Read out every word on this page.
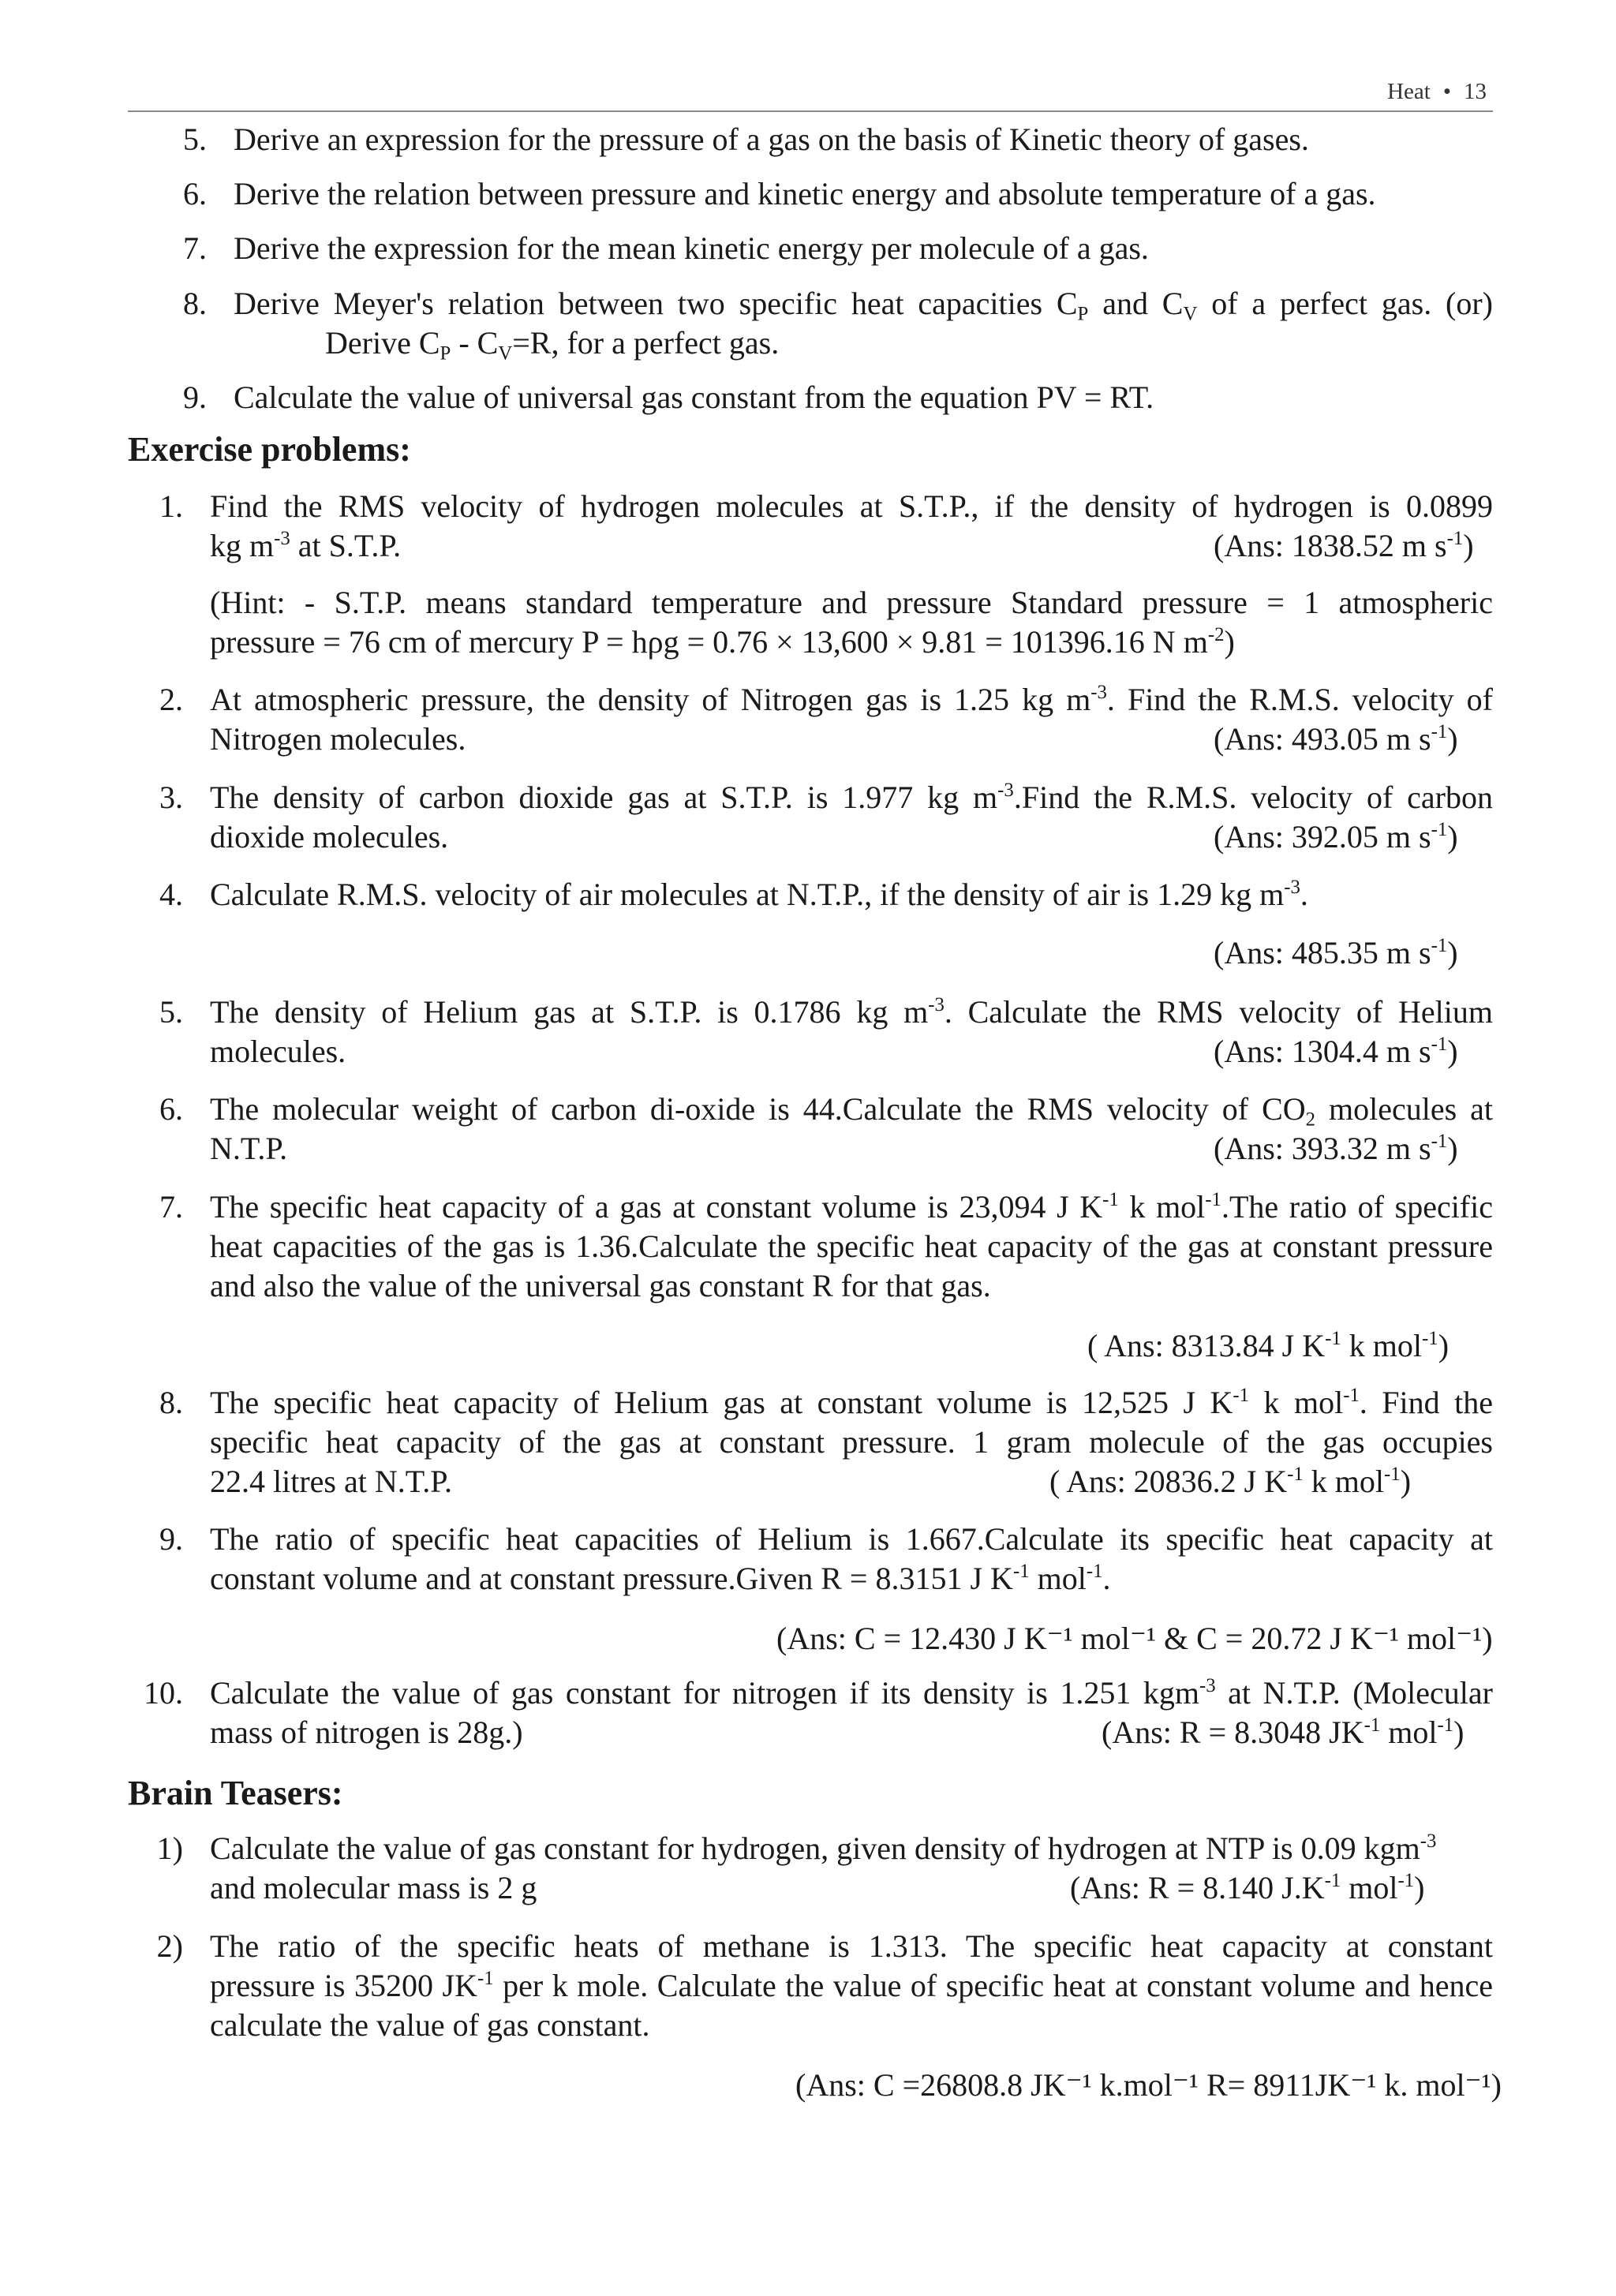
Heat • 13
5. Derive an expression for the pressure of a gas on the basis of Kinetic theory of gases.
6. Derive the relation between pressure and kinetic energy and absolute temperature of a gas.
7. Derive the expression for the mean kinetic energy per molecule of a gas.
8. Derive Meyer's relation between two specific heat capacities $C_P$ and $C_V$ of a perfect gas. (or)
Derive $C_P - C_V=R$, for a perfect gas.
9. Calculate the value of universal gas constant from the equation PV = RT.
Exercise problems:
1. Find the RMS velocity of hydrogen molecules at S.T.P., if the density of hydrogen is 0.0899
kg $m^{-3}$ at S.T.P.	(Ans: 1838.52 m $s^{-1}$)
(Hint: - S.T.P. means standard temperature and pressure Standard pressure = 1 atmospheric
pressure = 76 cm of mercury P = hρg = 0.76 × 13,600 × 9.81 = 101396.16 N $m^{-2}$)
2. At atmospheric pressure, the density of Nitrogen gas is 1.25 kg $m^{-3}$. Find the R.M.S. velocity of
Nitrogen molecules.	(Ans: 493.05 m $s^{-1}$)
3. The density of carbon dioxide gas at S.T.P. is 1.977 kg $m^{-3}.Find$ the R.M.S. velocity of carbon
dioxide molecules.	(Ans: 392.05 m $s^{-1}$)
4. Calculate R.M.S. velocity of air molecules at N.T.P., if the density of air is 1.29 kg $m^{-3}$.
(Ans: 485.35 m $s^{-1}$)
5. The density of Helium gas at S.T.P. is 0.1786 kg $m^{-3}$. Calculate the RMS velocity of Helium
molecules.	(Ans: 1304.4 m $s^{-1}$)
6. The molecular weight of carbon di-oxide is 44.Calculate the RMS velocity of $CO_2$ molecules at
N.T.P.	(Ans: 393.32 m $s^{-1}$)
7. The specific heat capacity of a gas at constant volume is 23,094 J $K^{-1}$ k mol$^{-1}$.The ratio of specific
heat capacities of the gas is 1.36.Calculate the specific heat capacity of the gas at constant pressure
and also the value of the universal gas constant R for that gas.
( Ans: 8313.84 J $K^{-1}$ k mol$^{-1}$)
8. The specific heat capacity of Helium gas at constant volume is 12,525 J $K^{-1}$ k mol$^{-1}$. Find the
specific heat capacity of the gas at constant pressure. 1 gram molecule of the gas occupies
22.4 litres at N.T.P.	( Ans: 20836.2 J $K^{-1}$ k mol$^{-1}$)
9. The ratio of specific heat capacities of Helium is 1.667.Calculate its specific heat capacity at
constant volume and at constant pressure.Given R = 8.3151 J $K^{-1}$ mol$^{-1}$.
(Ans: C = 12.430 J K⁻¹ mol⁻¹ & C = 20.72 J K⁻¹ mol⁻¹)
10. Calculate the value of gas constant for nitrogen if its density is 1.251 kgm$^{-3}$ at N.T.P. (Molecular
mass of nitrogen is 28g.)	(Ans: R = 8.3048 $JK^{-1}$ mol$^{-1}$)
Brain Teasers:
1) Calculate the value of gas constant for hydrogen, given density of hydrogen at NTP is 0.09 kgm$^{-3}$
and molecular mass is 2 g	(Ans: R = 8.140 $J.K^{-1}$ mol$^{-1}$)
2) The ratio of the specific heats of methane is 1.313. The specific heat capacity at constant
pressure is 35200 $JK^{-1}$ per k mole. Calculate the value of specific heat at constant volume and hence
calculate the value of gas constant.
(Ans: C =26808.8 JK⁻¹ k.mol⁻¹ R= 8911JK⁻¹ k. mol⁻¹)
